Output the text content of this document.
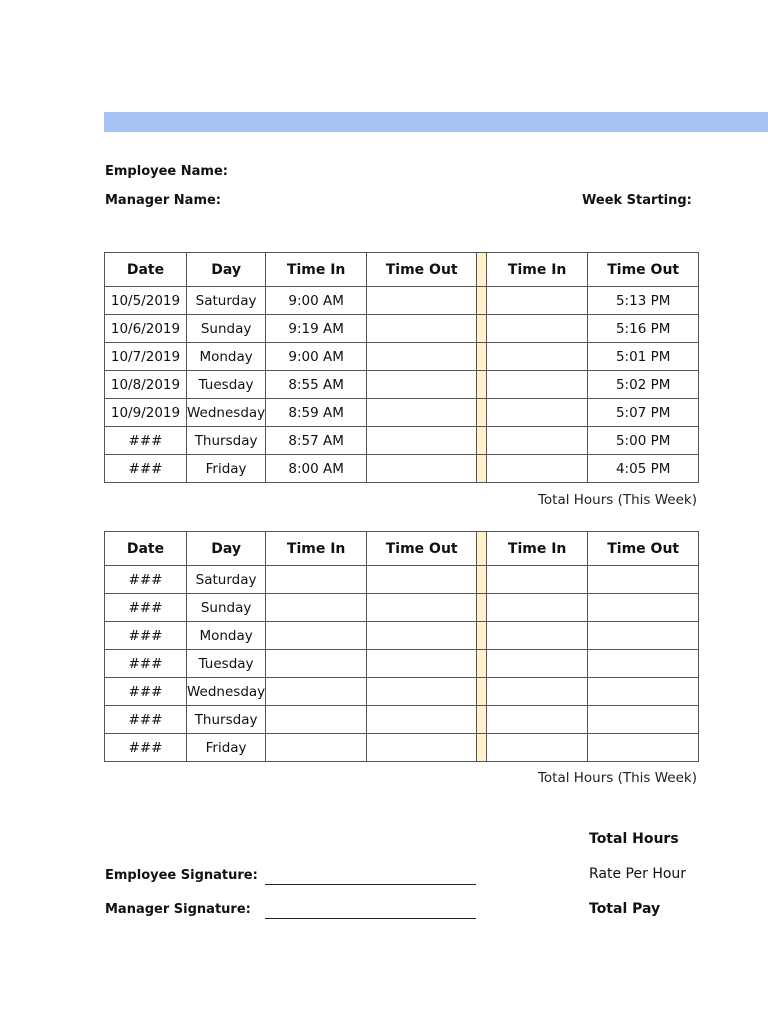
Employee Name:
Manager Name:	Week Starting:
Date	Day	Time In	Time Out		Time In	Time Out
10/5/2019	Saturday	9:00 AM				5:13 PM
10/6/2019	Sunday	9:19 AM				5:16 PM
10/7/2019	Monday	9:00 AM				5:01 PM
10/8/2019	Tuesday	8:55 AM				5:02 PM
10/9/2019	Wednesday	8:59 AM				5:07 PM
###	Thursday	8:57 AM				5:00 PM
###	Friday	8:00 AM				4:05 PM
Total Hours (This Week)
Date	Day	Time In	Time Out		Time In	Time Out
###	Saturday					
###	Sunday					
###	Monday					
###	Tuesday					
###	Wednesday					
###	Thursday					
###	Friday					
Total Hours (This Week)
Total Hours
Rate Per Hour
Total Pay
Employee Signature:
Manager Signature:
